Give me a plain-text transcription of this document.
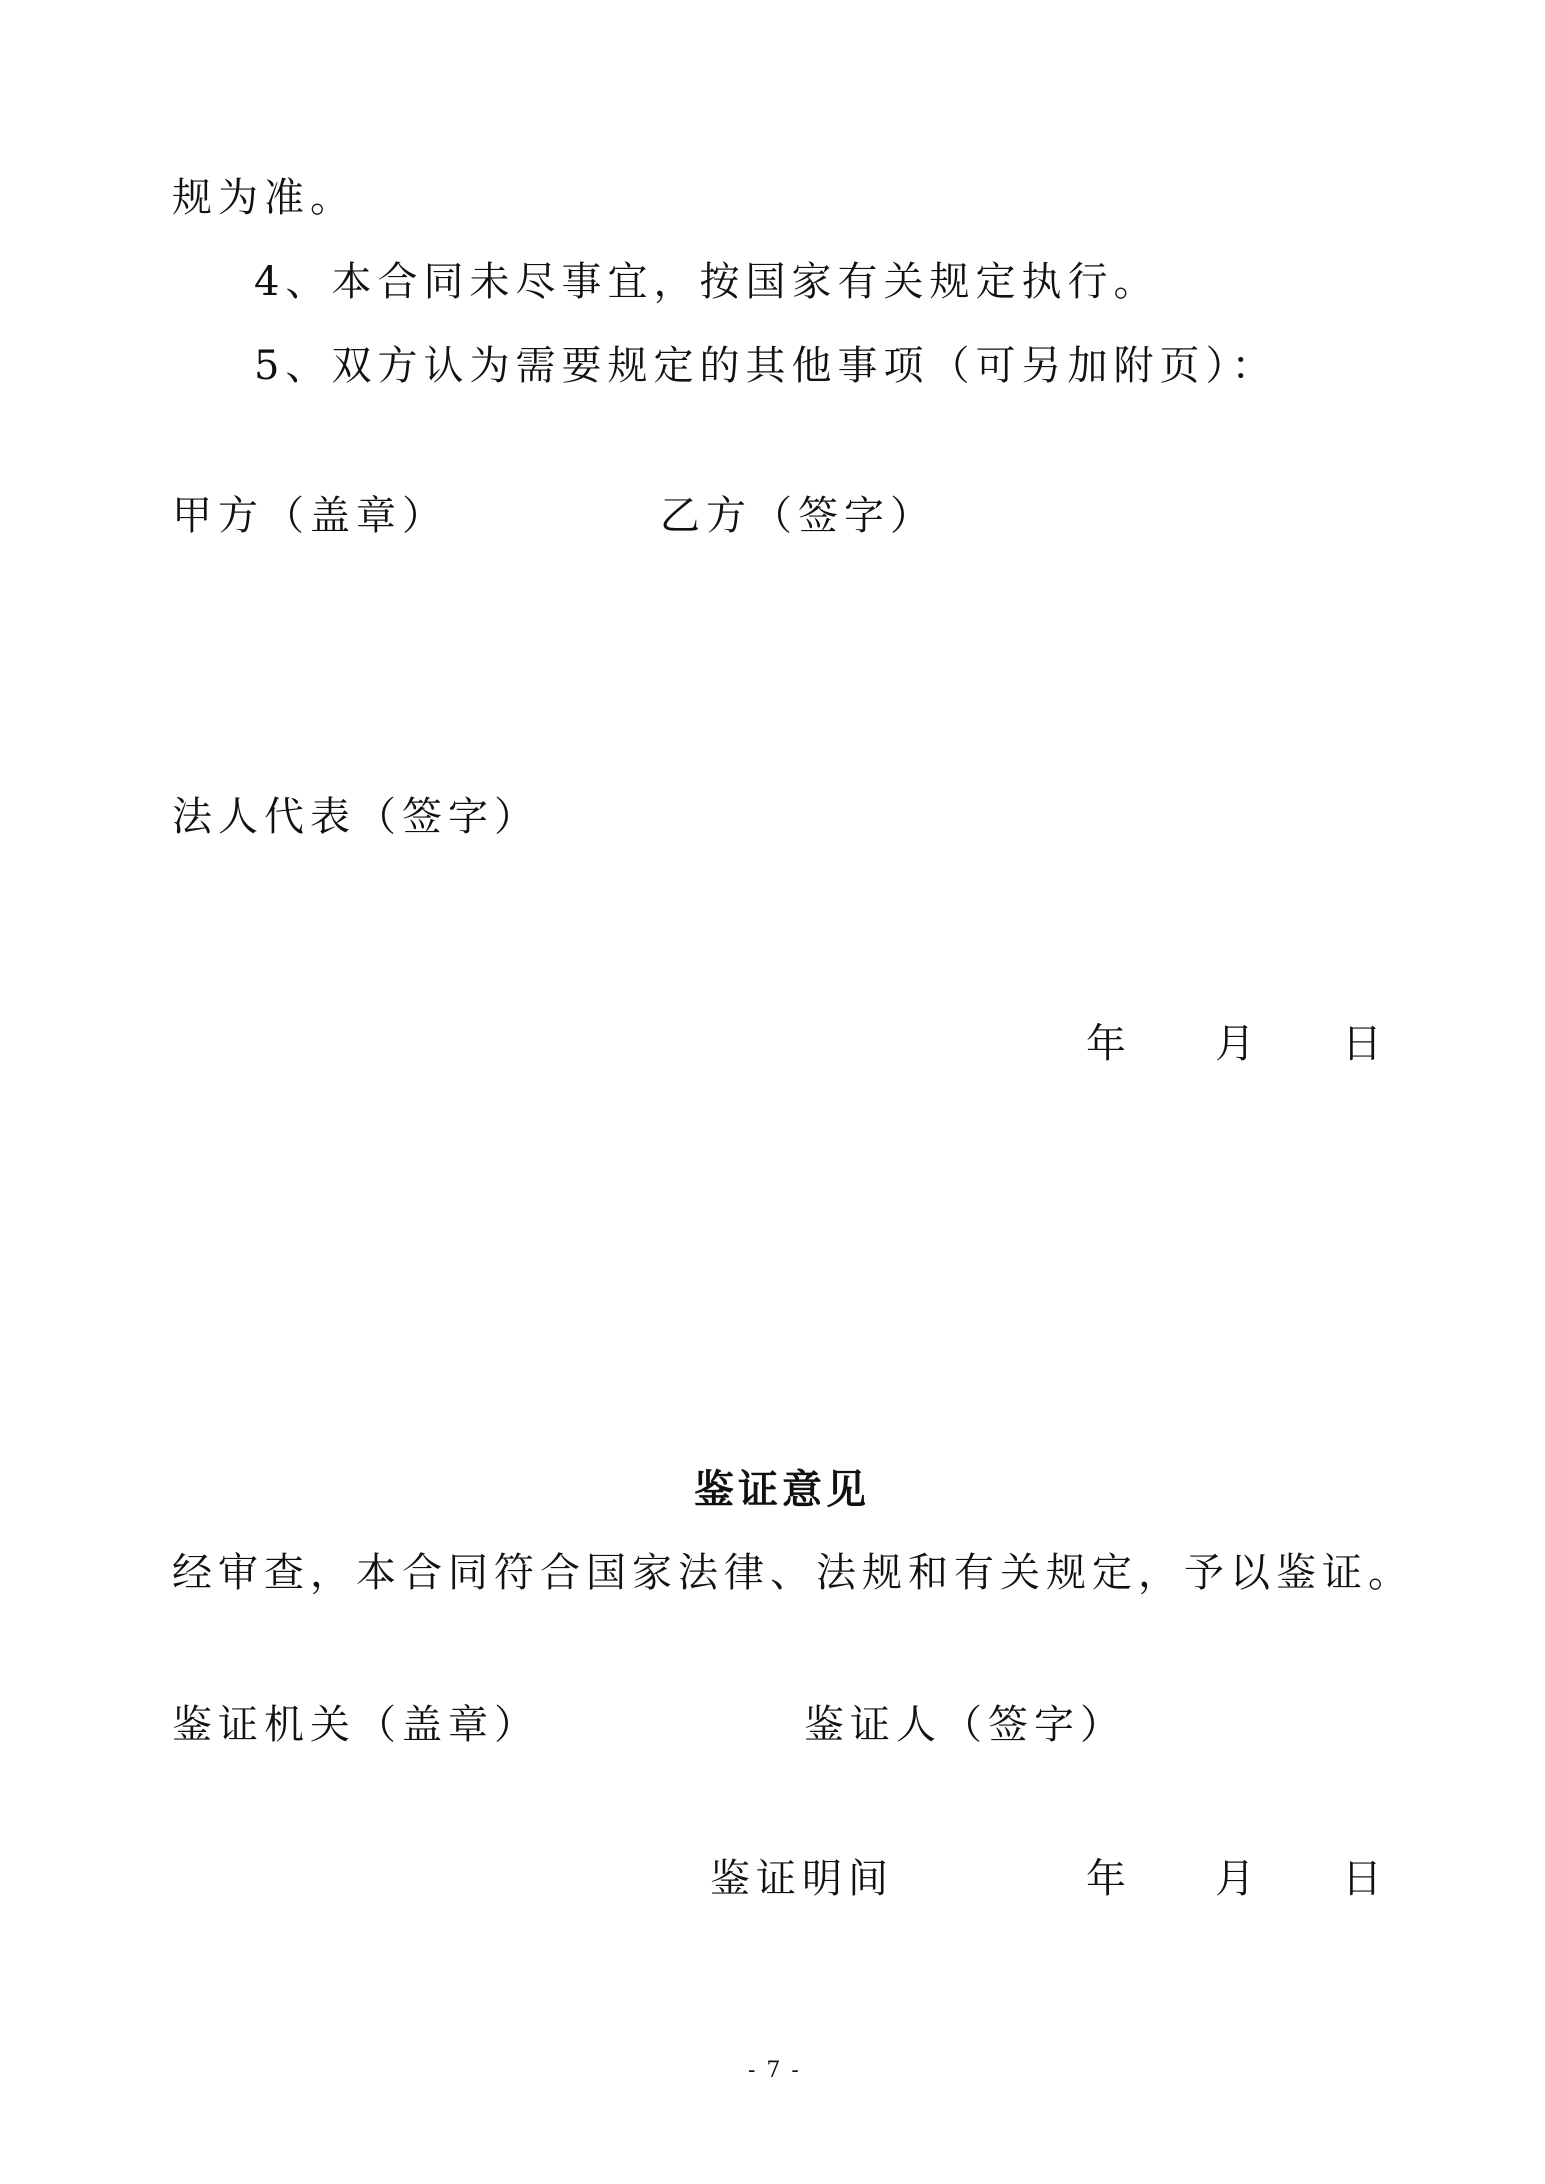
规为准。
4、本合同未尽事宜，按国家有关规定执行。
5、双方认为需要规定的其他事项（可另加附页）：
甲方（盖章）	乙方（签字）
法人代表（签字）
年 月 日
鉴证意见
经审查，本合同符合国家法律、法规和有关规定，予以鉴证。
鉴证机关（盖章）	鉴证人（签字）
鉴证明间	年 月 日
- 7 -
